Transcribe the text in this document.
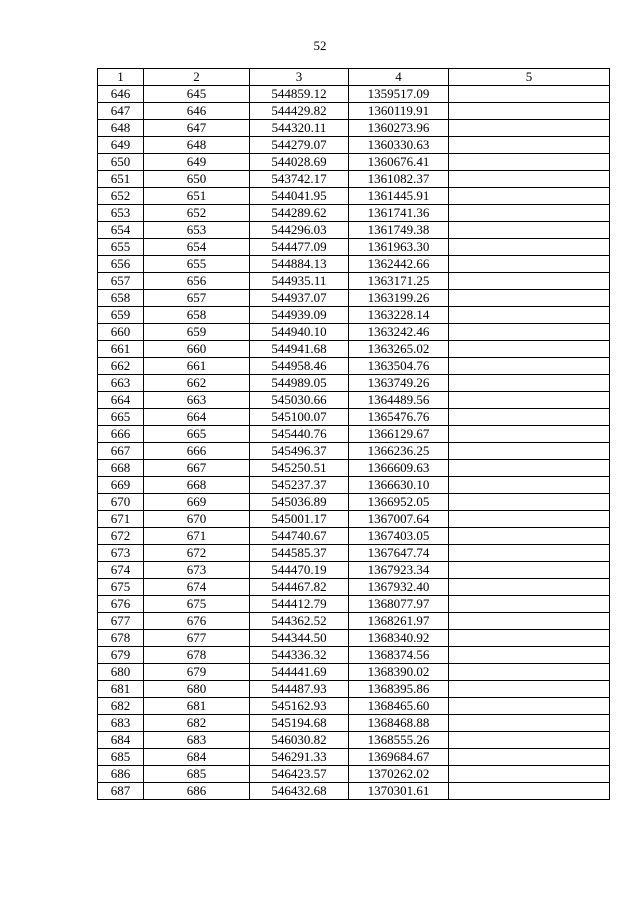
52
1	2	3	4	5
646	645	544859.12	1359517.09	
647	646	544429.82	1360119.91	
648	647	544320.11	1360273.96	
649	648	544279.07	1360330.63	
650	649	544028.69	1360676.41	
651	650	543742.17	1361082.37	
652	651	544041.95	1361445.91	
653	652	544289.62	1361741.36	
654	653	544296.03	1361749.38	
655	654	544477.09	1361963.30	
656	655	544884.13	1362442.66	
657	656	544935.11	1363171.25	
658	657	544937.07	1363199.26	
659	658	544939.09	1363228.14	
660	659	544940.10	1363242.46	
661	660	544941.68	1363265.02	
662	661	544958.46	1363504.76	
663	662	544989.05	1363749.26	
664	663	545030.66	1364489.56	
665	664	545100.07	1365476.76	
666	665	545440.76	1366129.67	
667	666	545496.37	1366236.25	
668	667	545250.51	1366609.63	
669	668	545237.37	1366630.10	
670	669	545036.89	1366952.05	
671	670	545001.17	1367007.64	
672	671	544740.67	1367403.05	
673	672	544585.37	1367647.74	
674	673	544470.19	1367923.34	
675	674	544467.82	1367932.40	
676	675	544412.79	1368077.97	
677	676	544362.52	1368261.97	
678	677	544344.50	1368340.92	
679	678	544336.32	1368374.56	
680	679	544441.69	1368390.02	
681	680	544487.93	1368395.86	
682	681	545162.93	1368465.60	
683	682	545194.68	1368468.88	
684	683	546030.82	1368555.26	
685	684	546291.33	1369684.67	
686	685	546423.57	1370262.02	
687	686	546432.68	1370301.61	
